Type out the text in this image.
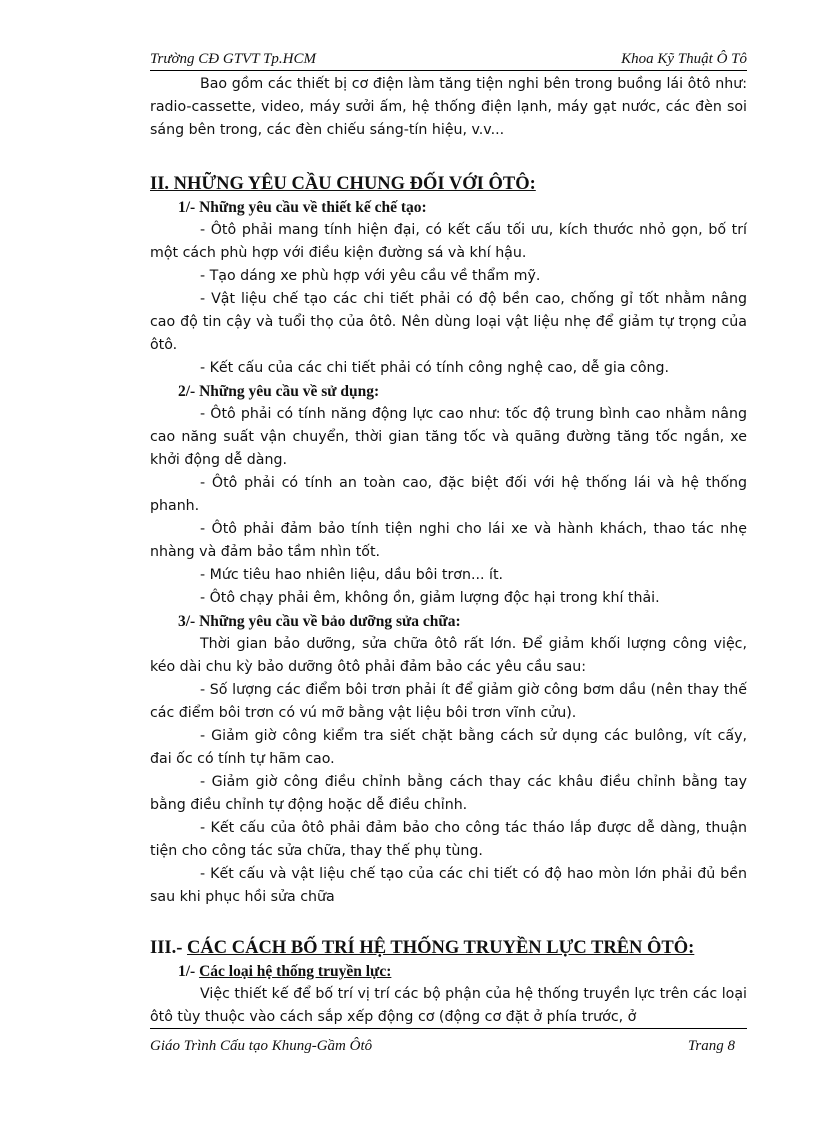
Trường CĐ GTVT Tp.HCM	Khoa Kỹ Thuật Ô Tô

Bao gồm các thiết bị cơ điện làm tăng tiện nghi bên trong buồng lái ôtô như: radio-cassette, video, máy sưởi ấm, hệ thống điện lạnh, máy gạt nước, các đèn soi sáng bên trong, các đèn chiếu sáng-tín hiệu, v.v...

II. NHỮNG YÊU CẦU CHUNG ĐỐI VỚI ÔTÔ:

1/- Những yêu cầu về thiết kế chế tạo:

- Ôtô phải mang tính hiện đại, có kết cấu tối ưu, kích thước nhỏ gọn, bố trí một cách phù hợp với điều kiện đường sá và khí hậu.

- Tạo dáng xe phù hợp với yêu cầu về thẩm mỹ.

- Vật liệu chế tạo các chi tiết phải có độ bền cao, chống gỉ tốt nhằm nâng cao độ tin cậy và tuổi thọ của ôtô. Nên dùng loại vật liệu nhẹ để giảm tự trọng của ôtô.

- Kết cấu của các chi tiết phải có tính công nghệ cao, dễ gia công.

2/- Những yêu cầu về sử dụng:

- Ôtô phải có tính năng động lực cao như: tốc độ trung bình cao nhằm nâng cao năng suất vận chuyển, thời gian tăng tốc và quãng đường tăng tốc ngắn, xe khởi động dễ dàng.

- Ôtô phải có tính an toàn cao, đặc biệt đối với hệ thống lái và hệ thống phanh.

- Ôtô phải đảm bảo tính tiện nghi cho lái xe và hành khách, thao tác nhẹ nhàng và đảm bảo tầm nhìn tốt.

- Mức tiêu hao nhiên liệu, dầu bôi trơn... ít.

- Ôtô chạy phải êm, không ồn, giảm lượng độc hại trong khí thải.

3/- Những yêu cầu về bảo dưỡng sửa chữa:

Thời gian bảo dưỡng, sửa chữa ôtô rất lớn. Để giảm khối lượng công việc, kéo dài chu kỳ bảo dưỡng ôtô phải đảm bảo các yêu cầu sau:

- Số lượng các điểm bôi trơn phải ít để giảm giờ công bơm dầu (nên thay thế các điểm bôi trơn có vú mỡ bằng vật liệu bôi trơn vĩnh cửu).

- Giảm giờ công kiểm tra siết chặt bằng cách sử dụng các bulông, vít cấy, đai ốc có tính tự hãm cao.

- Giảm giờ công điều chỉnh bằng cách thay các khâu điều chỉnh bằng tay bằng điều chỉnh tự động hoặc dễ điều chỉnh.

- Kết cấu của ôtô phải đảm bảo cho công tác tháo lắp được dễ dàng, thuận tiện cho công tác sửa chữa, thay thế phụ tùng.

- Kết cấu và vật liệu chế tạo của các chi tiết có độ hao mòn lớn phải đủ bền sau khi phục hồi sửa chữa

III.- CÁC CÁCH BỐ TRÍ HỆ THỐNG TRUYỀN LỰC TRÊN ÔTÔ:

1/- Các loại hệ thống truyền lực:

Việc thiết kế để bố trí vị trí các bộ phận của hệ thống truyền lực trên các loại ôtô tùy thuộc vào cách sắp xếp động cơ (động cơ đặt ở phía trước, ở

Giáo Trình Cấu tạo Khung-Gầm Ôtô	Trang 8
